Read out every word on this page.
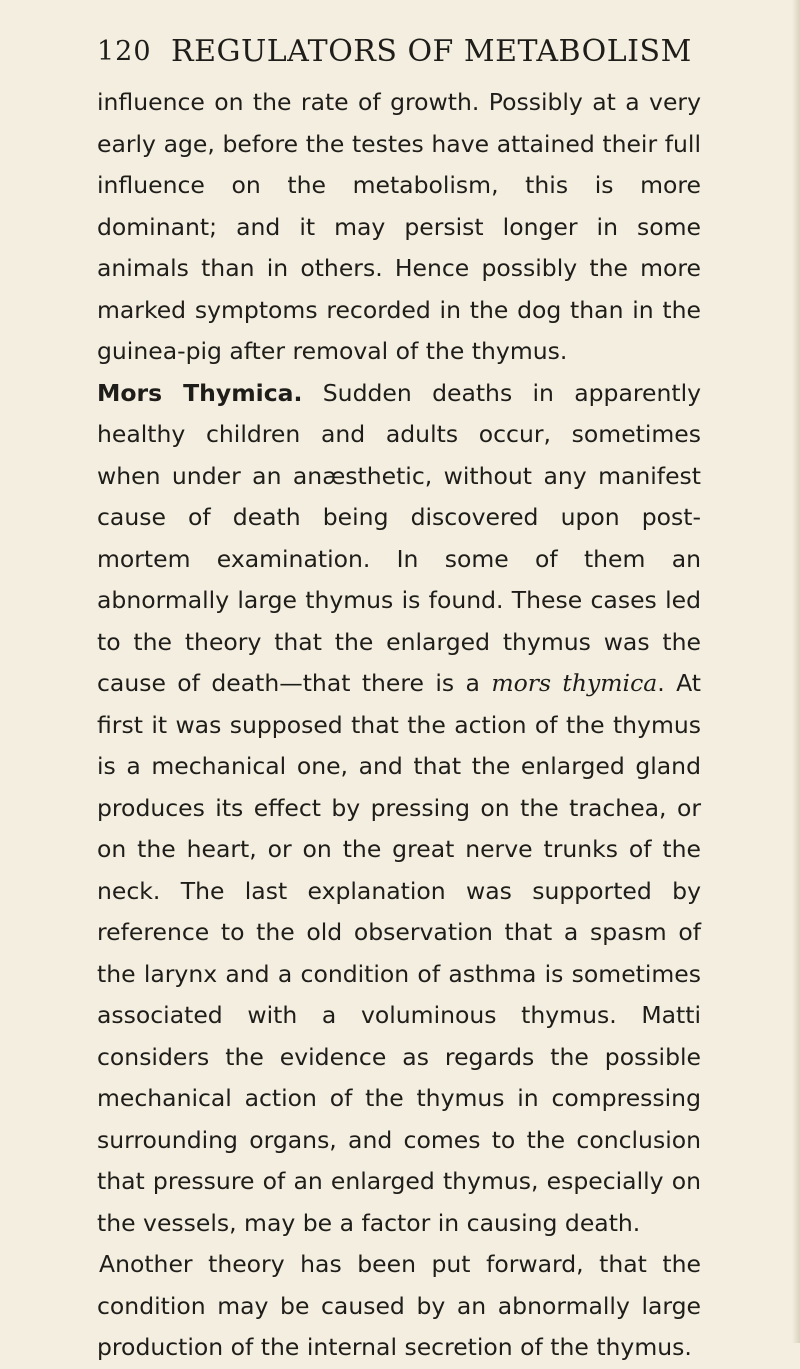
120 REGULATORS OF METABOLISM

influence on the rate of growth. Possibly at a very early age, before the testes have attained their full influence on the metabolism, this is more dominant; and it may persist longer in some animals than in others. Hence possibly the more marked symptoms recorded in the dog than in the guinea-pig after removal of the thymus.

Mors Thymica. Sudden deaths in apparently healthy children and adults occur, sometimes when under an anæsthetic, without any manifest cause of death being discovered upon post-mortem examination. In some of them an abnormally large thymus is found. These cases led to the theory that the enlarged thymus was the cause of death—that there is a mors thymica. At first it was supposed that the action of the thymus is a mechanical one, and that the enlarged gland produces its effect by pressing on the trachea, or on the heart, or on the great nerve trunks of the neck. The last explanation was supported by reference to the old observation that a spasm of the larynx and a condition of asthma is sometimes associated with a voluminous thymus. Matti considers the evidence as regards the possible mechanical action of the thymus in compressing surrounding organs, and comes to the conclusion that pressure of an enlarged thymus, especially on the vessels, may be a factor in causing death.

Another theory has been put forward, that the condition may be caused by an abnormally large production of the internal secretion of the thymus.
